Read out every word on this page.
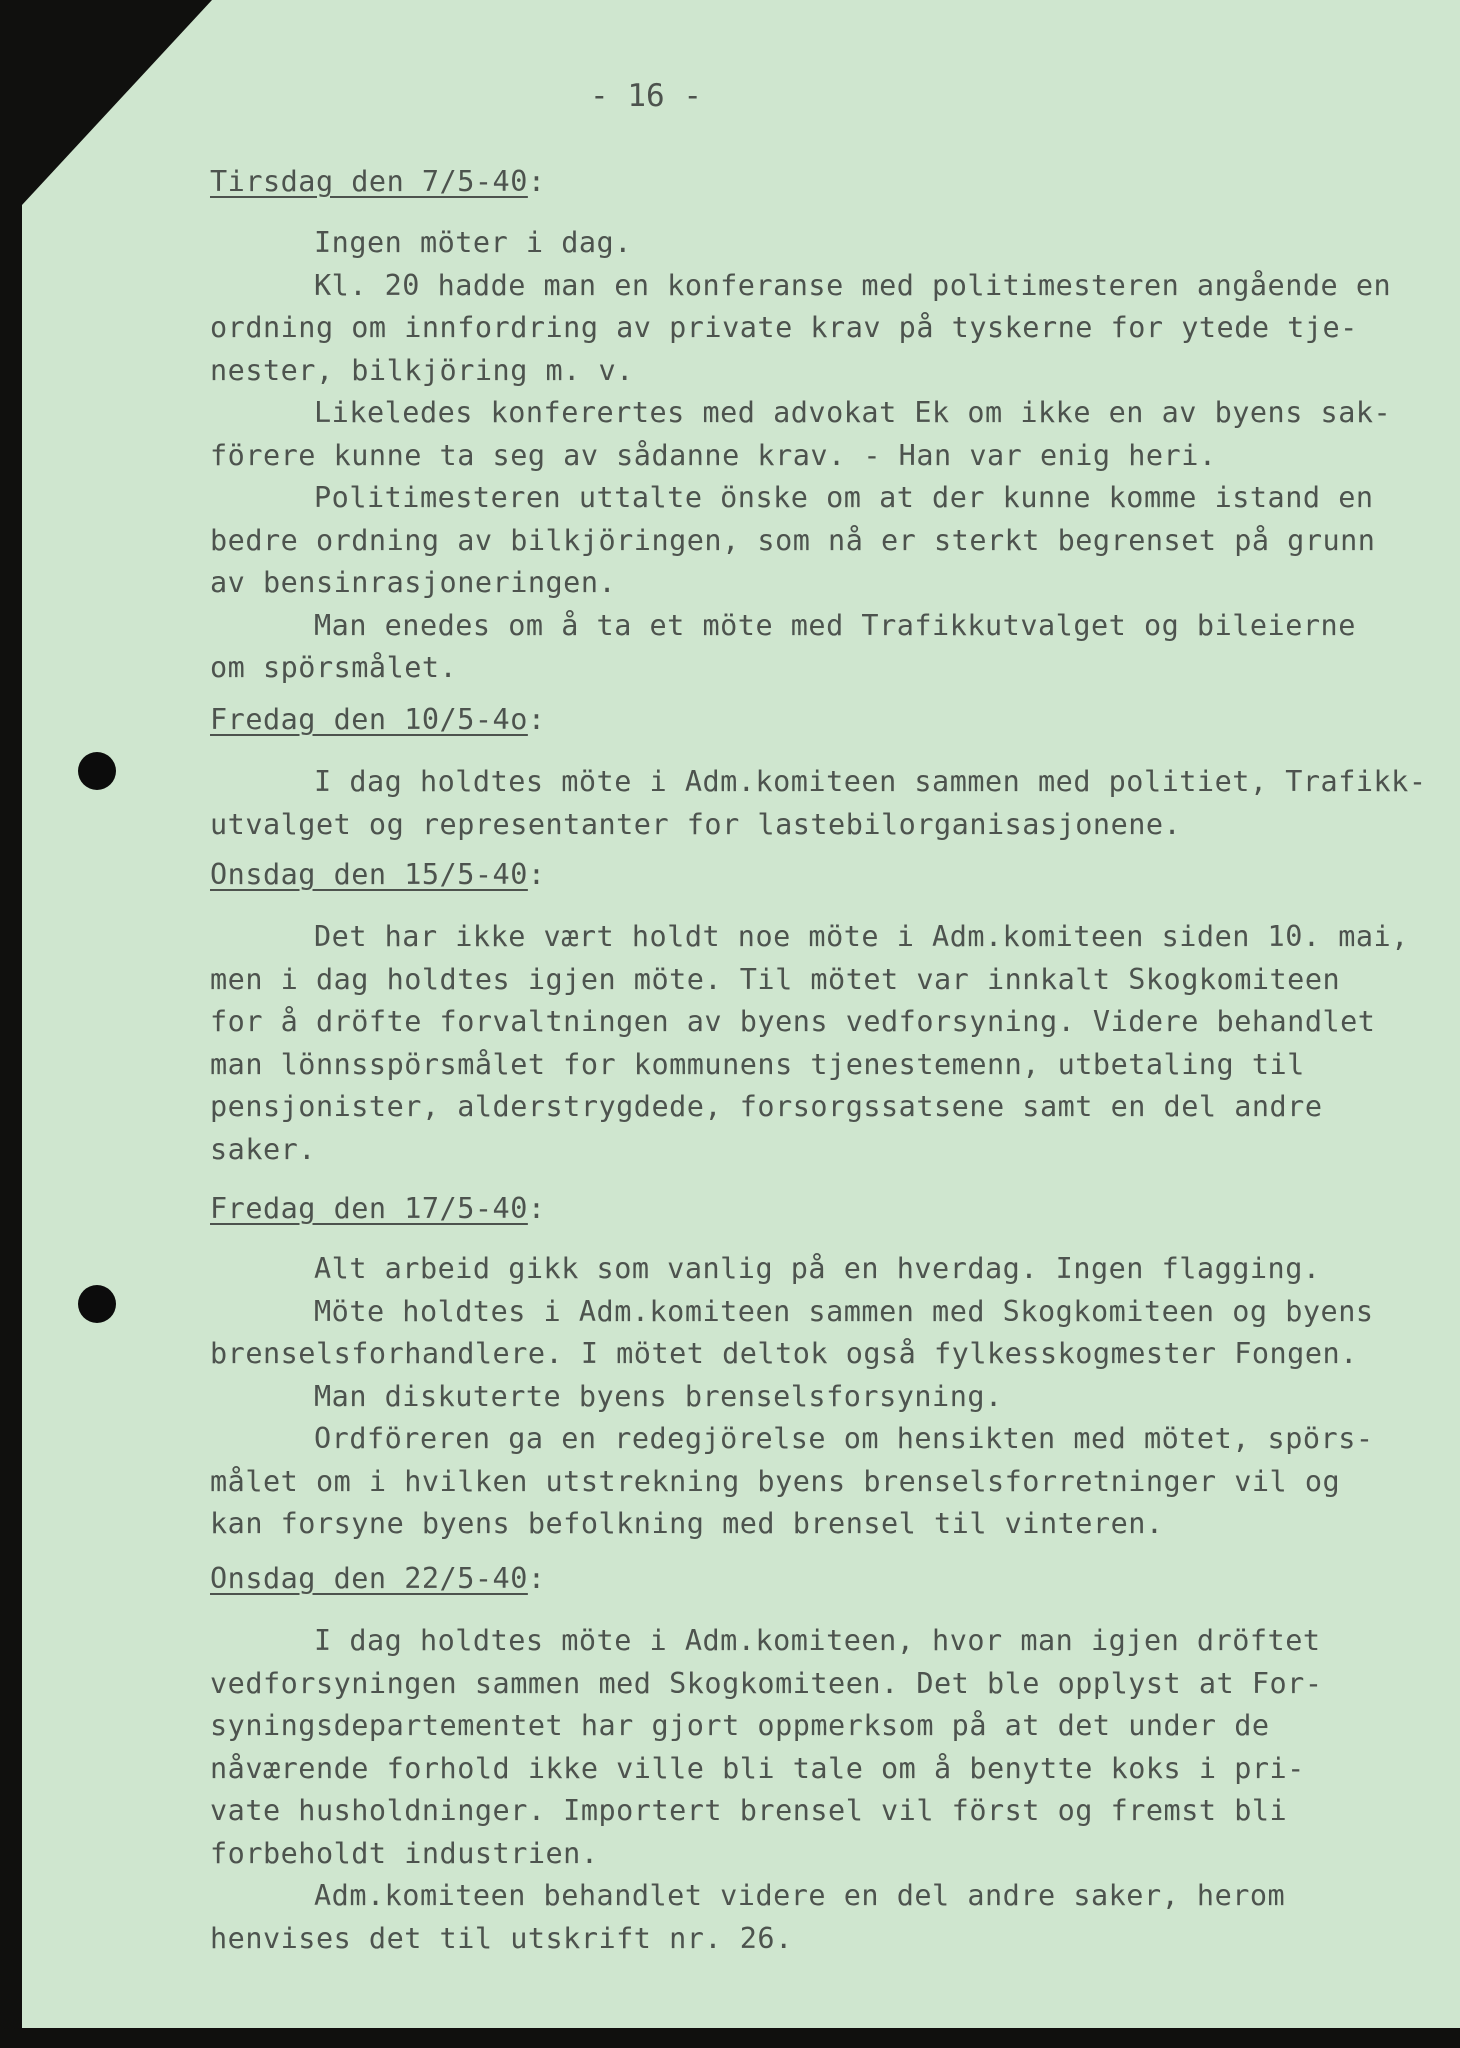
- 16 -
Tirsdag den 7/5-40:
Ingen möter i dag.
Kl. 20 hadde man en konferanse med politimesteren angående en
ordning om innfordring av private krav på tyskerne for ytede tje-
nester, bilkjöring m. v.
Likeledes konferertes med advokat Ek om ikke en av byens sak-
förere kunne ta seg av sådanne krav. - Han var enig heri.
Politimesteren uttalte önske om at der kunne komme istand en
bedre ordning av bilkjöringen, som nå er sterkt begrenset på grunn
av bensinrasjoneringen.
Man enedes om å ta et möte med Trafikkutvalget og bileierne
om spörsmålet.
Fredag den 10/5-4o:
I dag holdtes möte i Adm.komiteen sammen med politiet, Trafikk-
utvalget og representanter for lastebilorganisasjonene.
Onsdag den 15/5-40:
Det har ikke vært holdt noe möte i Adm.komiteen siden 10. mai,
men i dag holdtes igjen möte. Til mötet var innkalt Skogkomiteen
for å dröfte forvaltningen av byens vedforsyning. Videre behandlet
man lönnsspörsmålet for kommunens tjenestemenn, utbetaling til
pensjonister, alderstrygdede, forsorgssatsene samt en del andre
saker.
Fredag den 17/5-40:
Alt arbeid gikk som vanlig på en hverdag. Ingen flagging.
Möte holdtes i Adm.komiteen sammen med Skogkomiteen og byens
brenselsforhandlere. I mötet deltok også fylkesskogmester Fongen.
Man diskuterte byens brenselsforsyning.
Ordföreren ga en redegjörelse om hensikten med mötet, spörs-
målet om i hvilken utstrekning byens brenselsforretninger vil og
kan forsyne byens befolkning med brensel til vinteren.
Onsdag den 22/5-40:
I dag holdtes möte i Adm.komiteen, hvor man igjen dröftet
vedforsyningen sammen med Skogkomiteen. Det ble opplyst at For-
syningsdepartementet har gjort oppmerksom på at det under de
nåværende forhold ikke ville bli tale om å benytte koks i pri-
vate husholdninger. Importert brensel vil först og fremst bli
forbeholdt industrien.
Adm.komiteen behandlet videre en del andre saker, herom
henvises det til utskrift nr. 26.
